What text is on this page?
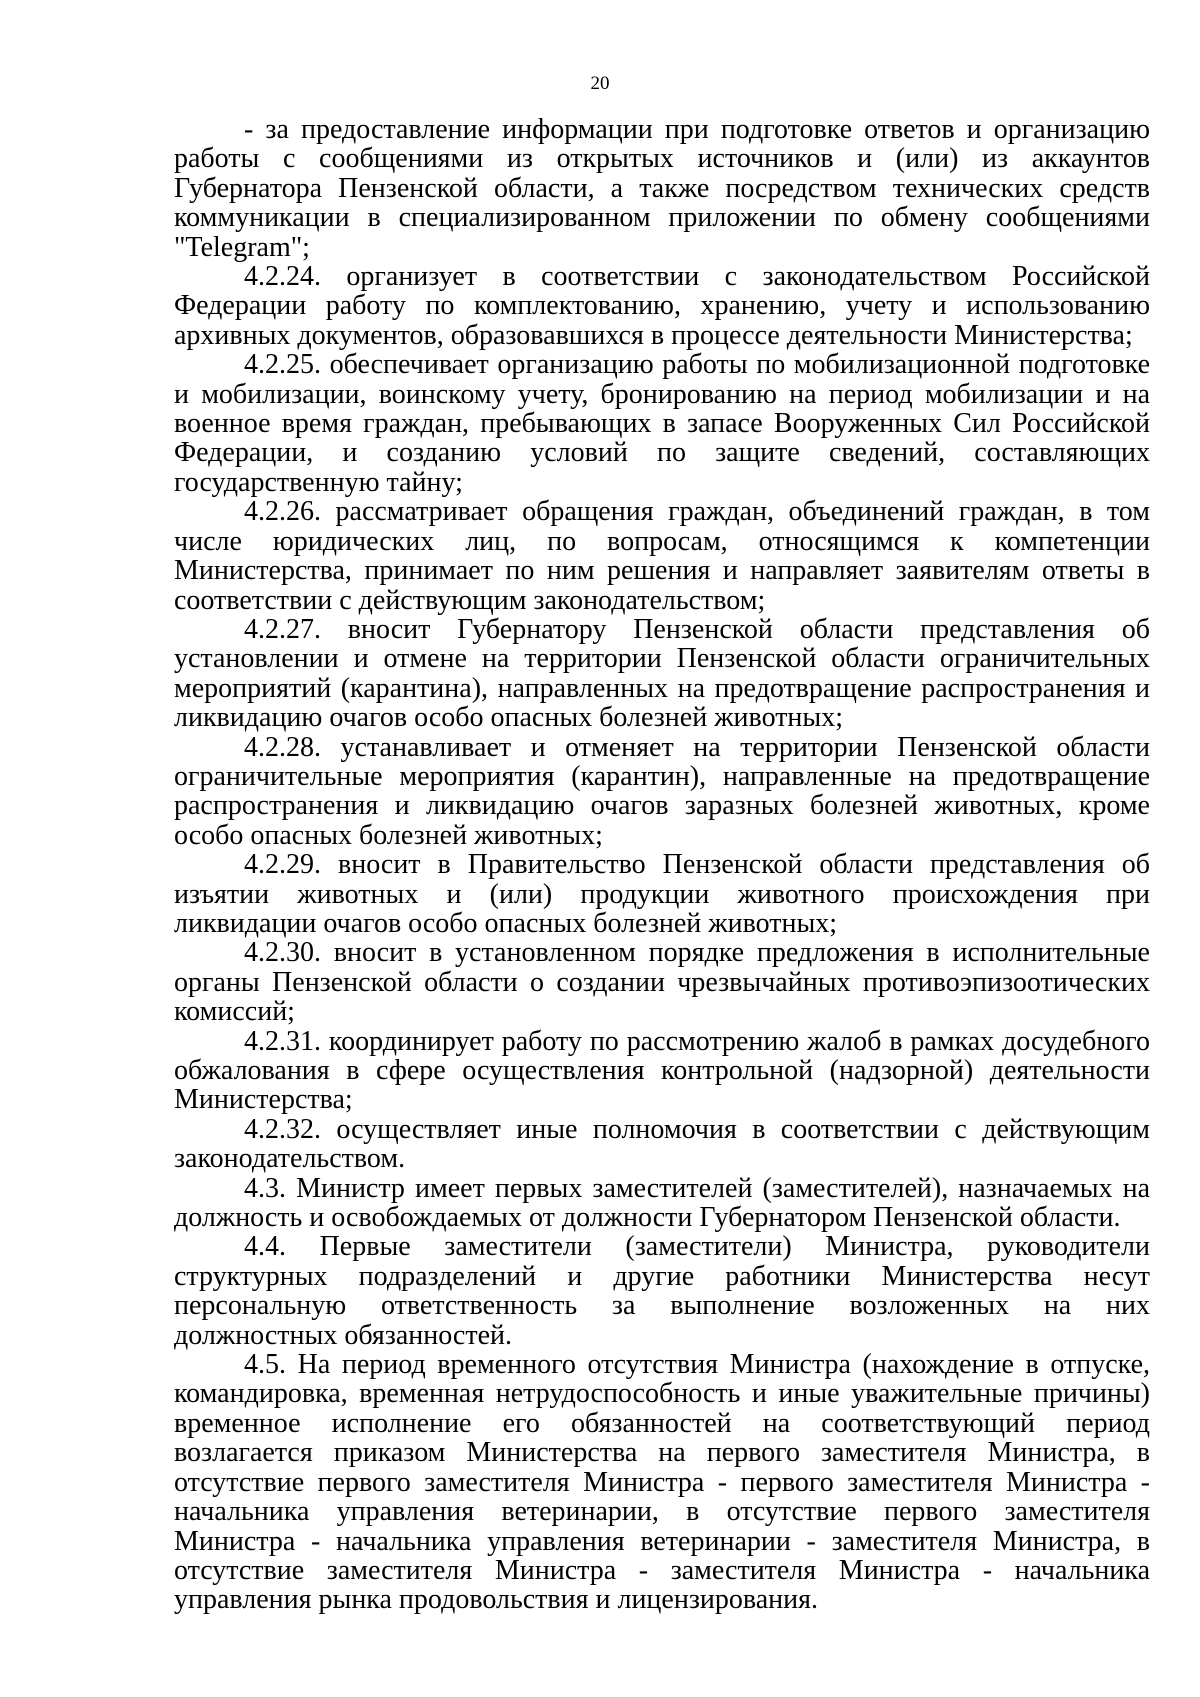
20

- за предоставление информации при подготовке ответов и организацию работы с сообщениями из открытых источников и (или) из аккаунтов Губернатора Пензенской области, а также посредством технических средств коммуникации в специализированном приложении по обмену сообщениями "Telegram";

4.2.24. организует в соответствии с законодательством Российской Федерации работу по комплектованию, хранению, учету и использованию архивных документов, образовавшихся в процессе деятельности Министерства;

4.2.25. обеспечивает организацию работы по мобилизационной подготовке и мобилизации, воинскому учету, бронированию на период мобилизации и на военное время граждан, пребывающих в запасе Вооруженных Сил Российской Федерации, и созданию условий по защите сведений, составляющих государственную тайну;

4.2.26. рассматривает обращения граждан, объединений граждан, в том числе юридических лиц, по вопросам, относящимся к компетенции Министерства, принимает по ним решения и направляет заявителям ответы в соответствии с действующим законодательством;

4.2.27. вносит Губернатору Пензенской области представления об установлении и отмене на территории Пензенской области ограничительных мероприятий (карантина), направленных на предотвращение распространения и ликвидацию очагов особо опасных болезней животных;

4.2.28. устанавливает и отменяет на территории Пензенской области ограничительные мероприятия (карантин), направленные на предотвращение распространения и ликвидацию очагов заразных болезней животных, кроме особо опасных болезней животных;

4.2.29. вносит в Правительство Пензенской области представления об изъятии животных и (или) продукции животного происхождения при ликвидации очагов особо опасных болезней животных;

4.2.30. вносит в установленном порядке предложения в исполнительные органы Пензенской области о создании чрезвычайных противоэпизоотических комиссий;

4.2.31. координирует работу по рассмотрению жалоб в рамках досудебного обжалования в сфере осуществления контрольной (надзорной) деятельности Министерства;

4.2.32. осуществляет иные полномочия в соответствии с действующим законодательством.

4.3. Министр имеет первых заместителей (заместителей), назначаемых на должность и освобождаемых от должности Губернатором Пензенской области.

4.4. Первые заместители (заместители) Министра, руководители структурных подразделений и другие работники Министерства несут персональную ответственность за выполнение возложенных на них должностных обязанностей.

4.5. На период временного отсутствия Министра (нахождение в отпуске, командировка, временная нетрудоспособность и иные уважительные причины) временное исполнение его обязанностей на соответствующий период возлагается приказом Министерства на первого заместителя Министра, в отсутствие первого заместителя Министра - первого заместителя Министра - начальника управления ветеринарии, в отсутствие первого заместителя Министра - начальника управления ветеринарии - заместителя Министра, в отсутствие заместителя Министра - заместителя Министра - начальника управления рынка продовольствия и лицензирования.
